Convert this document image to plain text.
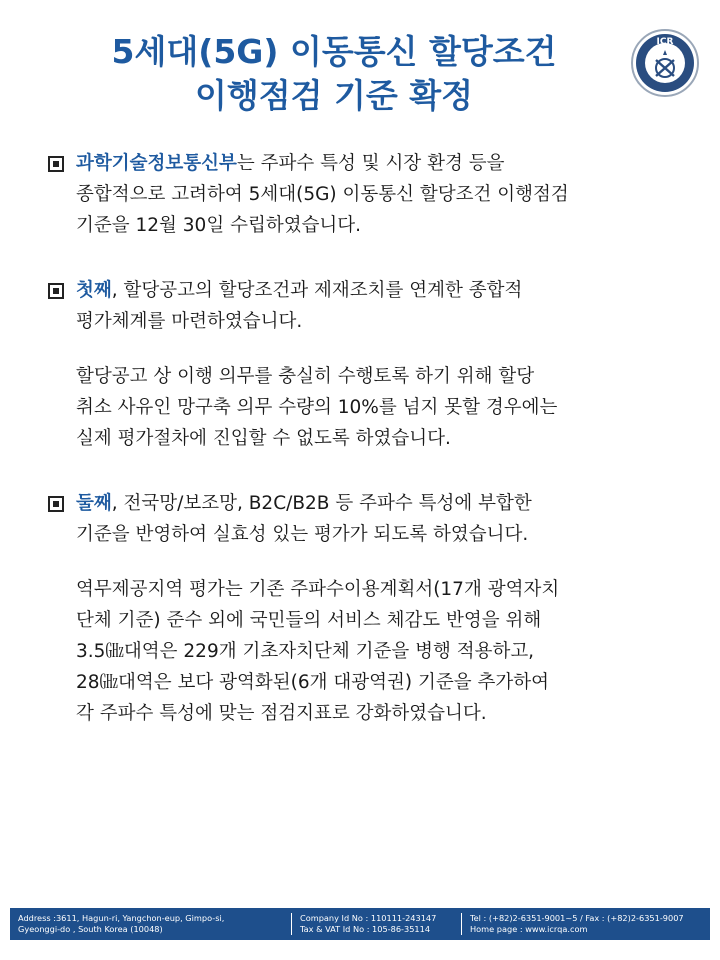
5세대(5G) 이동통신 할당조건
이행점검 기준 확정
ICR
과학기술정보통신부는 주파수 특성 및 시장 환경 등을
종합적으로 고려하여 5세대(5G) 이동통신 할당조건 이행점검
기준을 12월 30일 수립하였습니다.
첫째, 할당공고의 할당조건과 제재조치를 연계한 종합적
평가체계를 마련하였습니다.
할당공고 상 이행 의무를 충실히 수행토록 하기 위해 할당
취소 사유인 망구축 의무 수량의 10%를 넘지 못할 경우에는
실제 평가절차에 진입할 수 없도록 하였습니다.
둘째, 전국망/보조망, B2C/B2B 등 주파수 특성에 부합한
기준을 반영하여 실효성 있는 평가가 되도록 하였습니다.
역무제공지역 평가는 기존 주파수이용계획서(17개 광역자치
단체 기준) 준수 외에 국민들의 서비스 체감도 반영을 위해
3.5㎓대역은 229개 기초자치단체 기준을 병행 적용하고,
28㎓대역은 보다 광역화된(6개 대광역권) 기준을 추가하여
각 주파수 특성에 맞는 점검지표로 강화하였습니다.
Address :3611, Hagun-ri, Yangchon-eup, Gimpo-si,
Gyeonggi-do , South Korea (10048)
Company Id No : 110111-243147
Tax & VAT Id No : 105-86-35114
Tel : (+82)2-6351-9001~5 / Fax : (+82)2-6351-9007
Home page : www.icrqa.com
